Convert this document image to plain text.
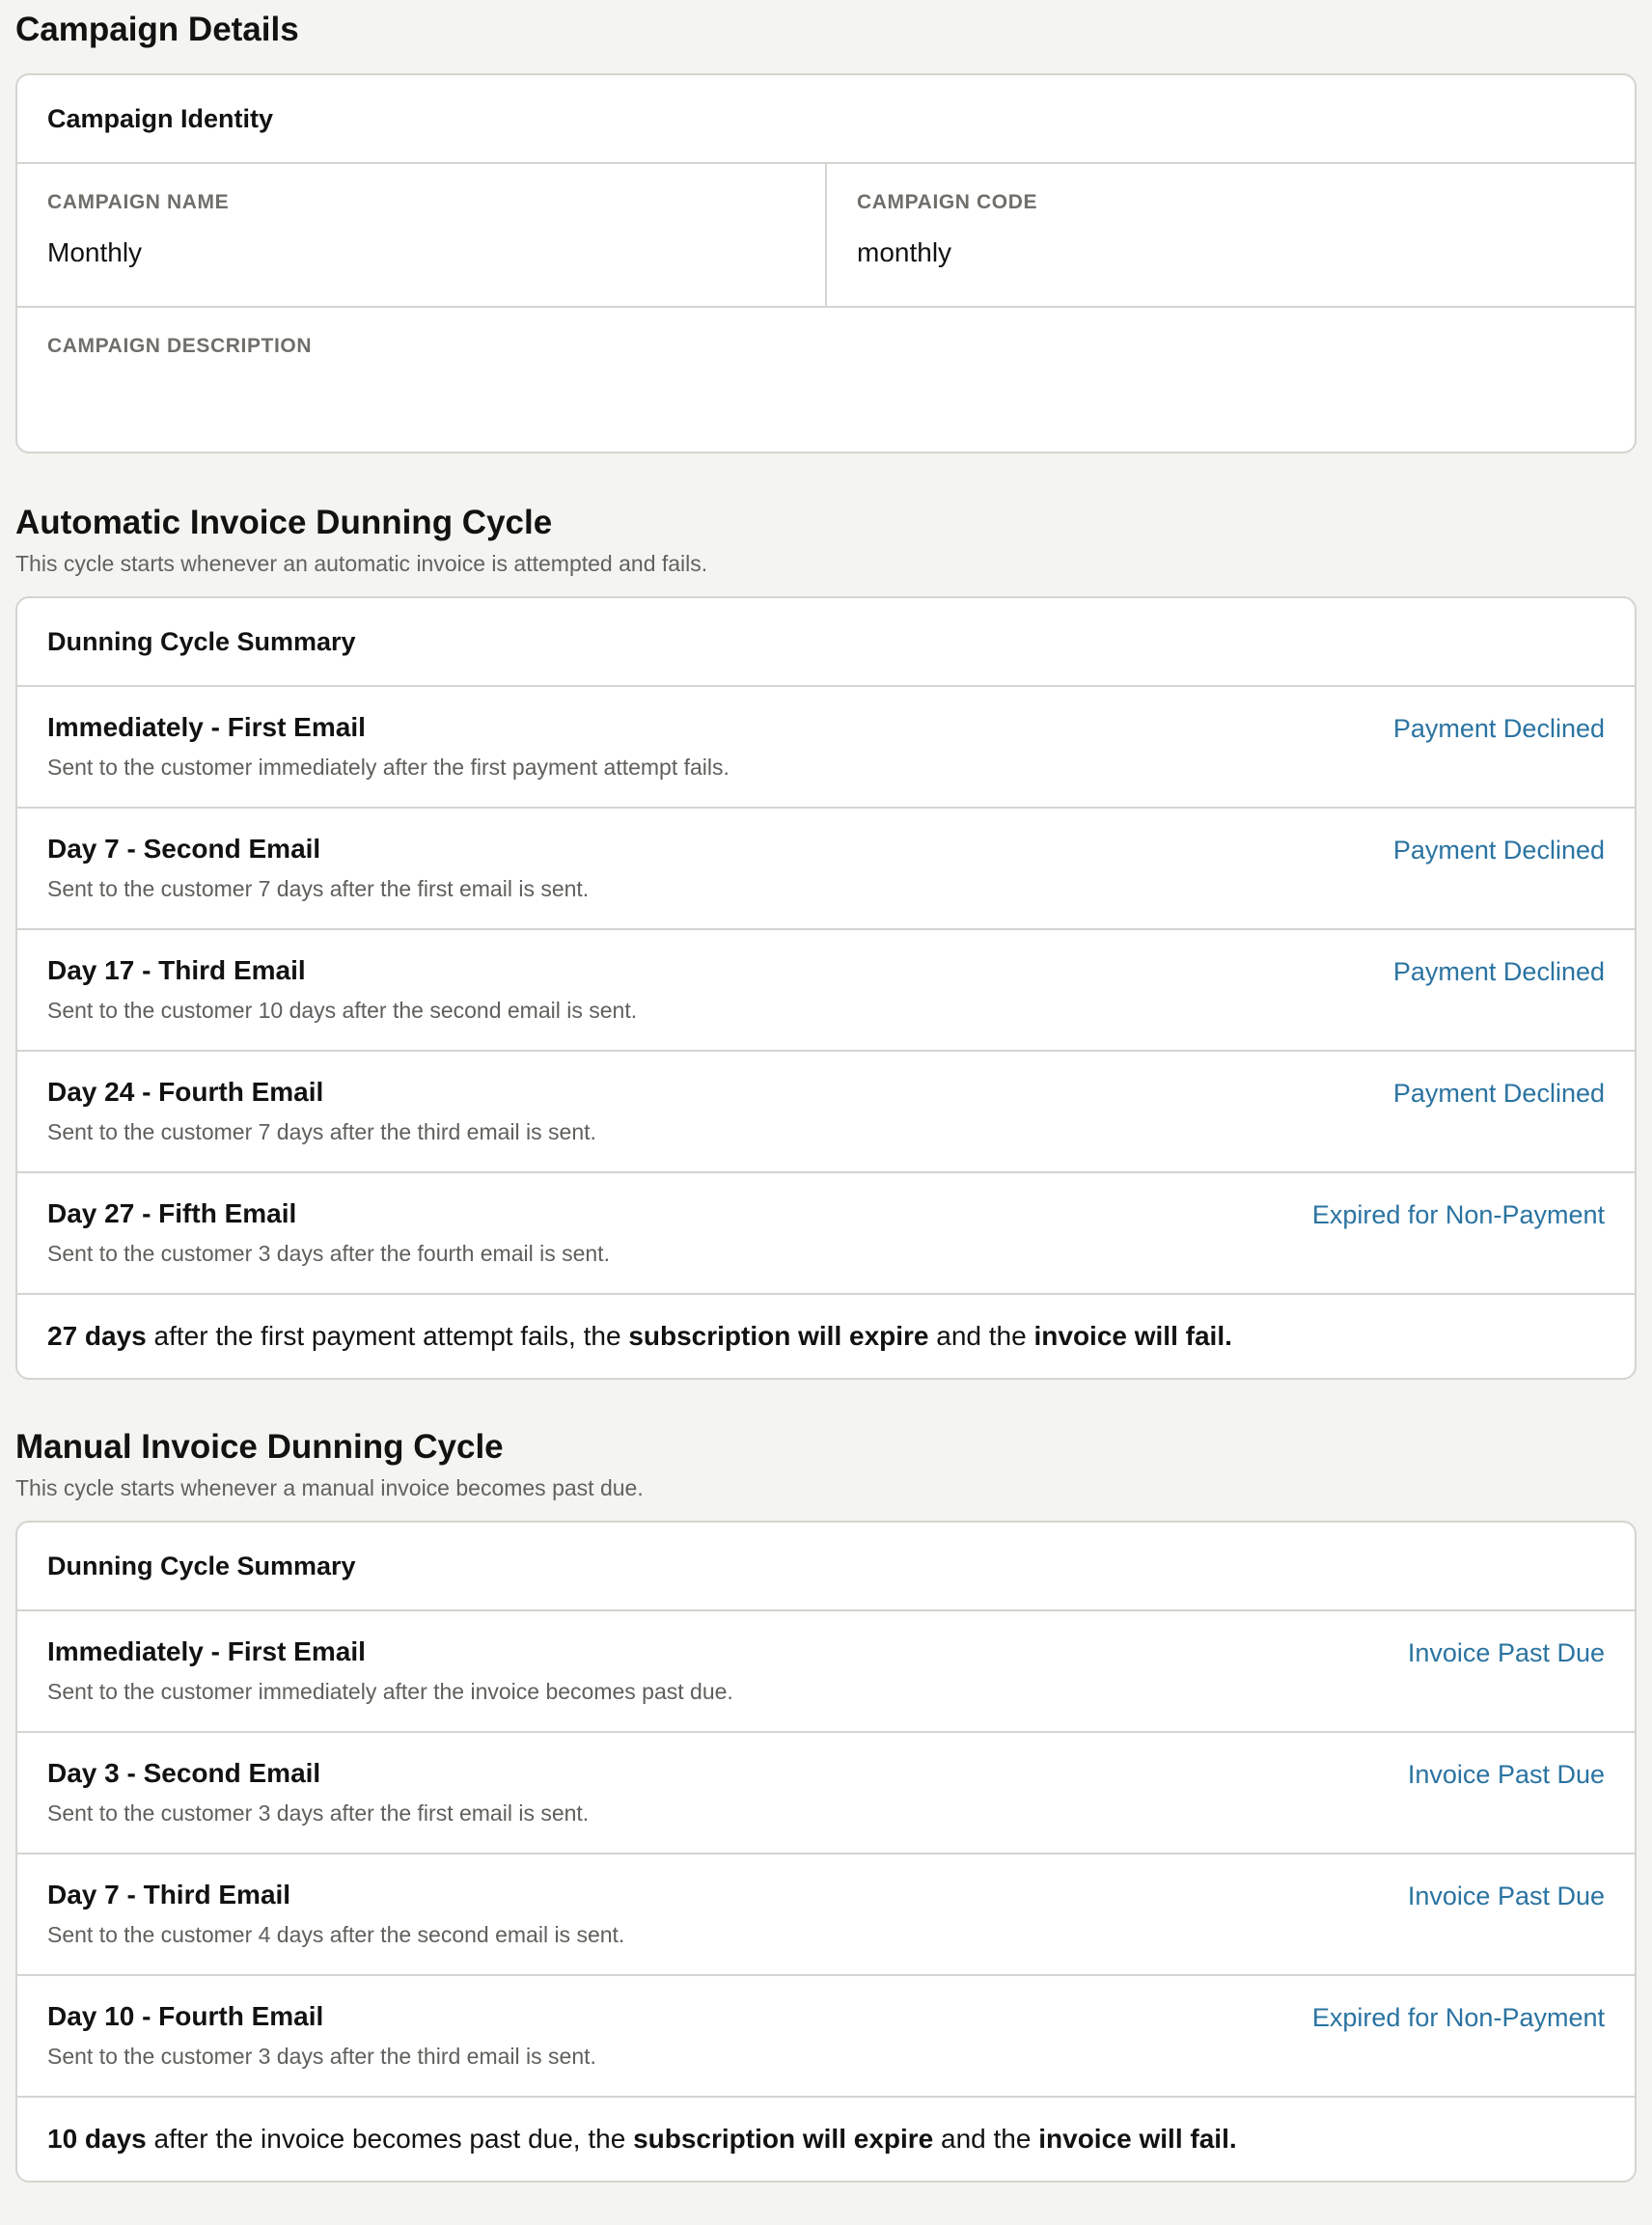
Campaign Details
Campaign Identity
CAMPAIGN NAME
Monthly
CAMPAIGN CODE
monthly
CAMPAIGN DESCRIPTION
Automatic Invoice Dunning Cycle
This cycle starts whenever an automatic invoice is attempted and fails.
Dunning Cycle Summary
Immediately - First Email
Sent to the customer immediately after the first payment attempt fails.
Payment Declined
Day 7 - Second Email
Sent to the customer 7 days after the first email is sent.
Payment Declined
Day 17 - Third Email
Sent to the customer 10 days after the second email is sent.
Payment Declined
Day 24 - Fourth Email
Sent to the customer 7 days after the third email is sent.
Payment Declined
Day 27 - Fifth Email
Sent to the customer 3 days after the fourth email is sent.
Expired for Non-Payment
27 days after the first payment attempt fails, the subscription will expire and the invoice will fail.
Manual Invoice Dunning Cycle
This cycle starts whenever a manual invoice becomes past due.
Dunning Cycle Summary
Immediately - First Email
Sent to the customer immediately after the invoice becomes past due.
Invoice Past Due
Day 3 - Second Email
Sent to the customer 3 days after the first email is sent.
Invoice Past Due
Day 7 - Third Email
Sent to the customer 4 days after the second email is sent.
Invoice Past Due
Day 10 - Fourth Email
Sent to the customer 3 days after the third email is sent.
Expired for Non-Payment
10 days after the invoice becomes past due, the subscription will expire and the invoice will fail.
